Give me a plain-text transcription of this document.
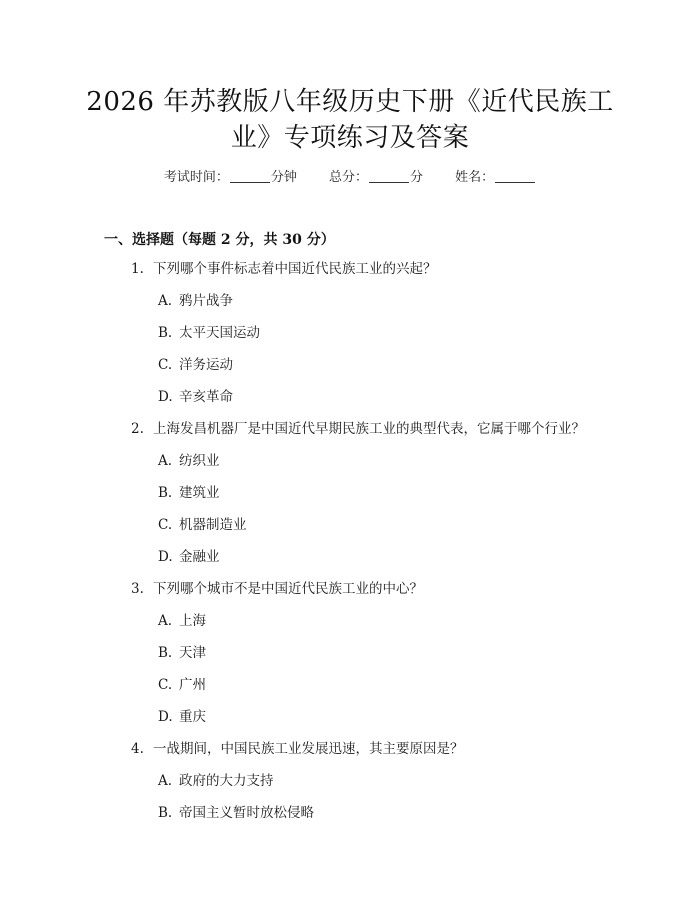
2026 年苏教版八年级历史下册《近代民族工
业》专项练习及答案
考试时间：	分钟 总分：	分 姓名：
一、选择题（每题 2 分，共 30 分）
1. 下列哪个事件标志着中国近代民族工业的兴起？
A. 鸦片战争
B. 太平天国运动
C. 洋务运动
D. 辛亥革命
2. 上海发昌机器厂是中国近代早期民族工业的典型代表，它属于哪个行业？
A. 纺织业
B. 建筑业
C. 机器制造业
D. 金融业
3. 下列哪个城市不是中国近代民族工业的中心？
A. 上海
B. 天津
C. 广州
D. 重庆
4. 一战期间，中国民族工业发展迅速，其主要原因是？
A. 政府的大力支持
B. 帝国主义暂时放松侵略
